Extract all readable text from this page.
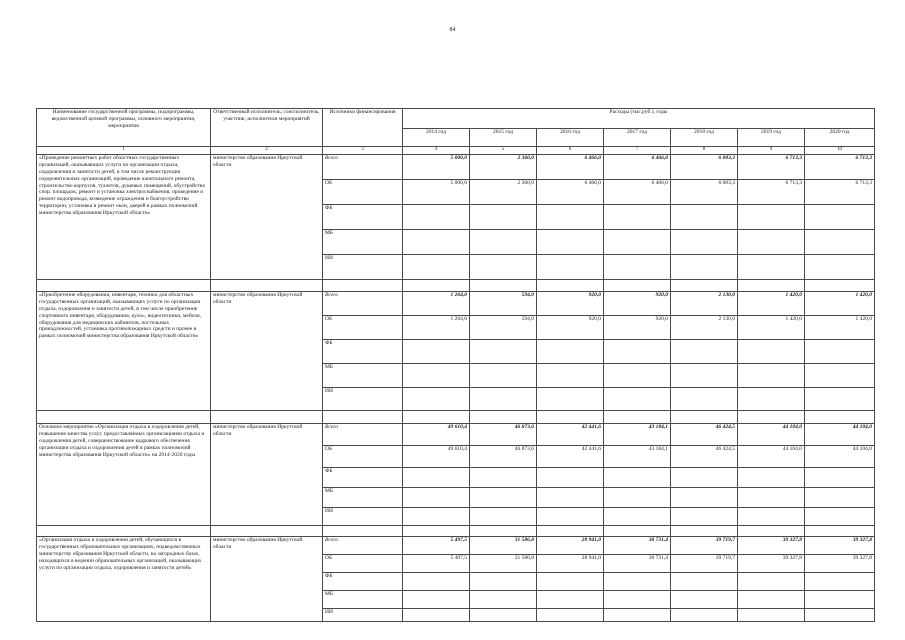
84
Наименование государственной программы, подпрограммы, ведомственной целевой программы, основного мероприятия, мероприятия	Ответственный исполнитель, соисполнитель, участник, исполнители мероприятий	Источники финансирования	Расходы (тыс.руб.), годы						
			2014 год	2015 год	2016 год	2017 год	2018 год	2019 год	2020 год
1	2	3	4	5	6	7	8	9	10
«Проведение ремонтных работ областных государственных организаций, оказывающих услуги по организации отдыха, оздоровления и занятости детей, в том числе реконструкция оздоровительных организаций, проведение капитального ремонта, строительство корпусов, туалетов, душевых помещений, обустройство спор. площадок, ремонт и установка электроснабжения, проведение и ремонт водопровода, возведение ограждения и благоустройство территории, установка и ремонт окон, дверей в рамках полномочий министерства образования Иркутской области»	министерство образования Иркутской области	Всего	5 000,0	2 360,0	6 466,0	6 466,0	6 003,3	6 713,3	6 713,3
		ОБ	5 000,0	2 360,0	6 466,0	6 466,0	6 003,3	6 713,3	6 713,3
		ФБ							
		МБ							
		ИИ							

«Приобретение оборудования, инвентаря, техники для областных государственных организаций, оказывающих услуги по организации отдыха, оздоровления и занятости детей, в том числе приобретение спортивного инвентаря, оборудования, кухо», видеотехники, мебели, оборудования для медицинских кабинетов, постельных принадлежностей, установка противопожарных средств и прочее в рамках полномочий министерства образования Иркутской области»	министерство образования Иркутской области	Всего	1 264,0	594,0	920,0	920,0	2 130,0	1 420,0	1 420,0
		ОБ	1 264,0	594,0	920,0	920,0	2 130,0	1 420,0	1 420,0
		ФБ							
		МБ							
		ИИ							

Основное мероприятие «Организация отдыха и оздоровления детей, повышение качества услуг, предоставляемых организациями отдыха и оздоровления детей, совершенствование кадрового обеспечения организации отдыха и оздоровления детей в рамках полномочий министерства образования Иркутской области» на 2014-2020 годы	министерство образования Иркутской области	Всего	49 610,4	46 873,6	42 441,6	43 184,1	46 424,5	44 104,0	44 104,0
		ОБ	49 610,4	46 873,6	42 441,6	43 184,1	46 424,5	44 104,0	44 104,0
		ФБ							
		МБ							
		ИИ							

«Организация отдыха и оздоровления детей, обучающихся в государственных образовательных организациях, подведомственных министерству образования Иркутской области, на загородных базах, находящихся в ведении образовательных организаций, оказывающих услуги по организации отдыха, оздоровления и занятости детей»	министерство образования Иркутской области	Всего	5 497,5	31 586,8	28 941,0	38 731,4	39 719,7	39 327,8	39 327,8
		ОБ	5 497,5	31 586,8	28 941,0	38 731,4	39 719,7	39 327,8	39 327,8
		ФБ							
		МБ							
		ИИ							
